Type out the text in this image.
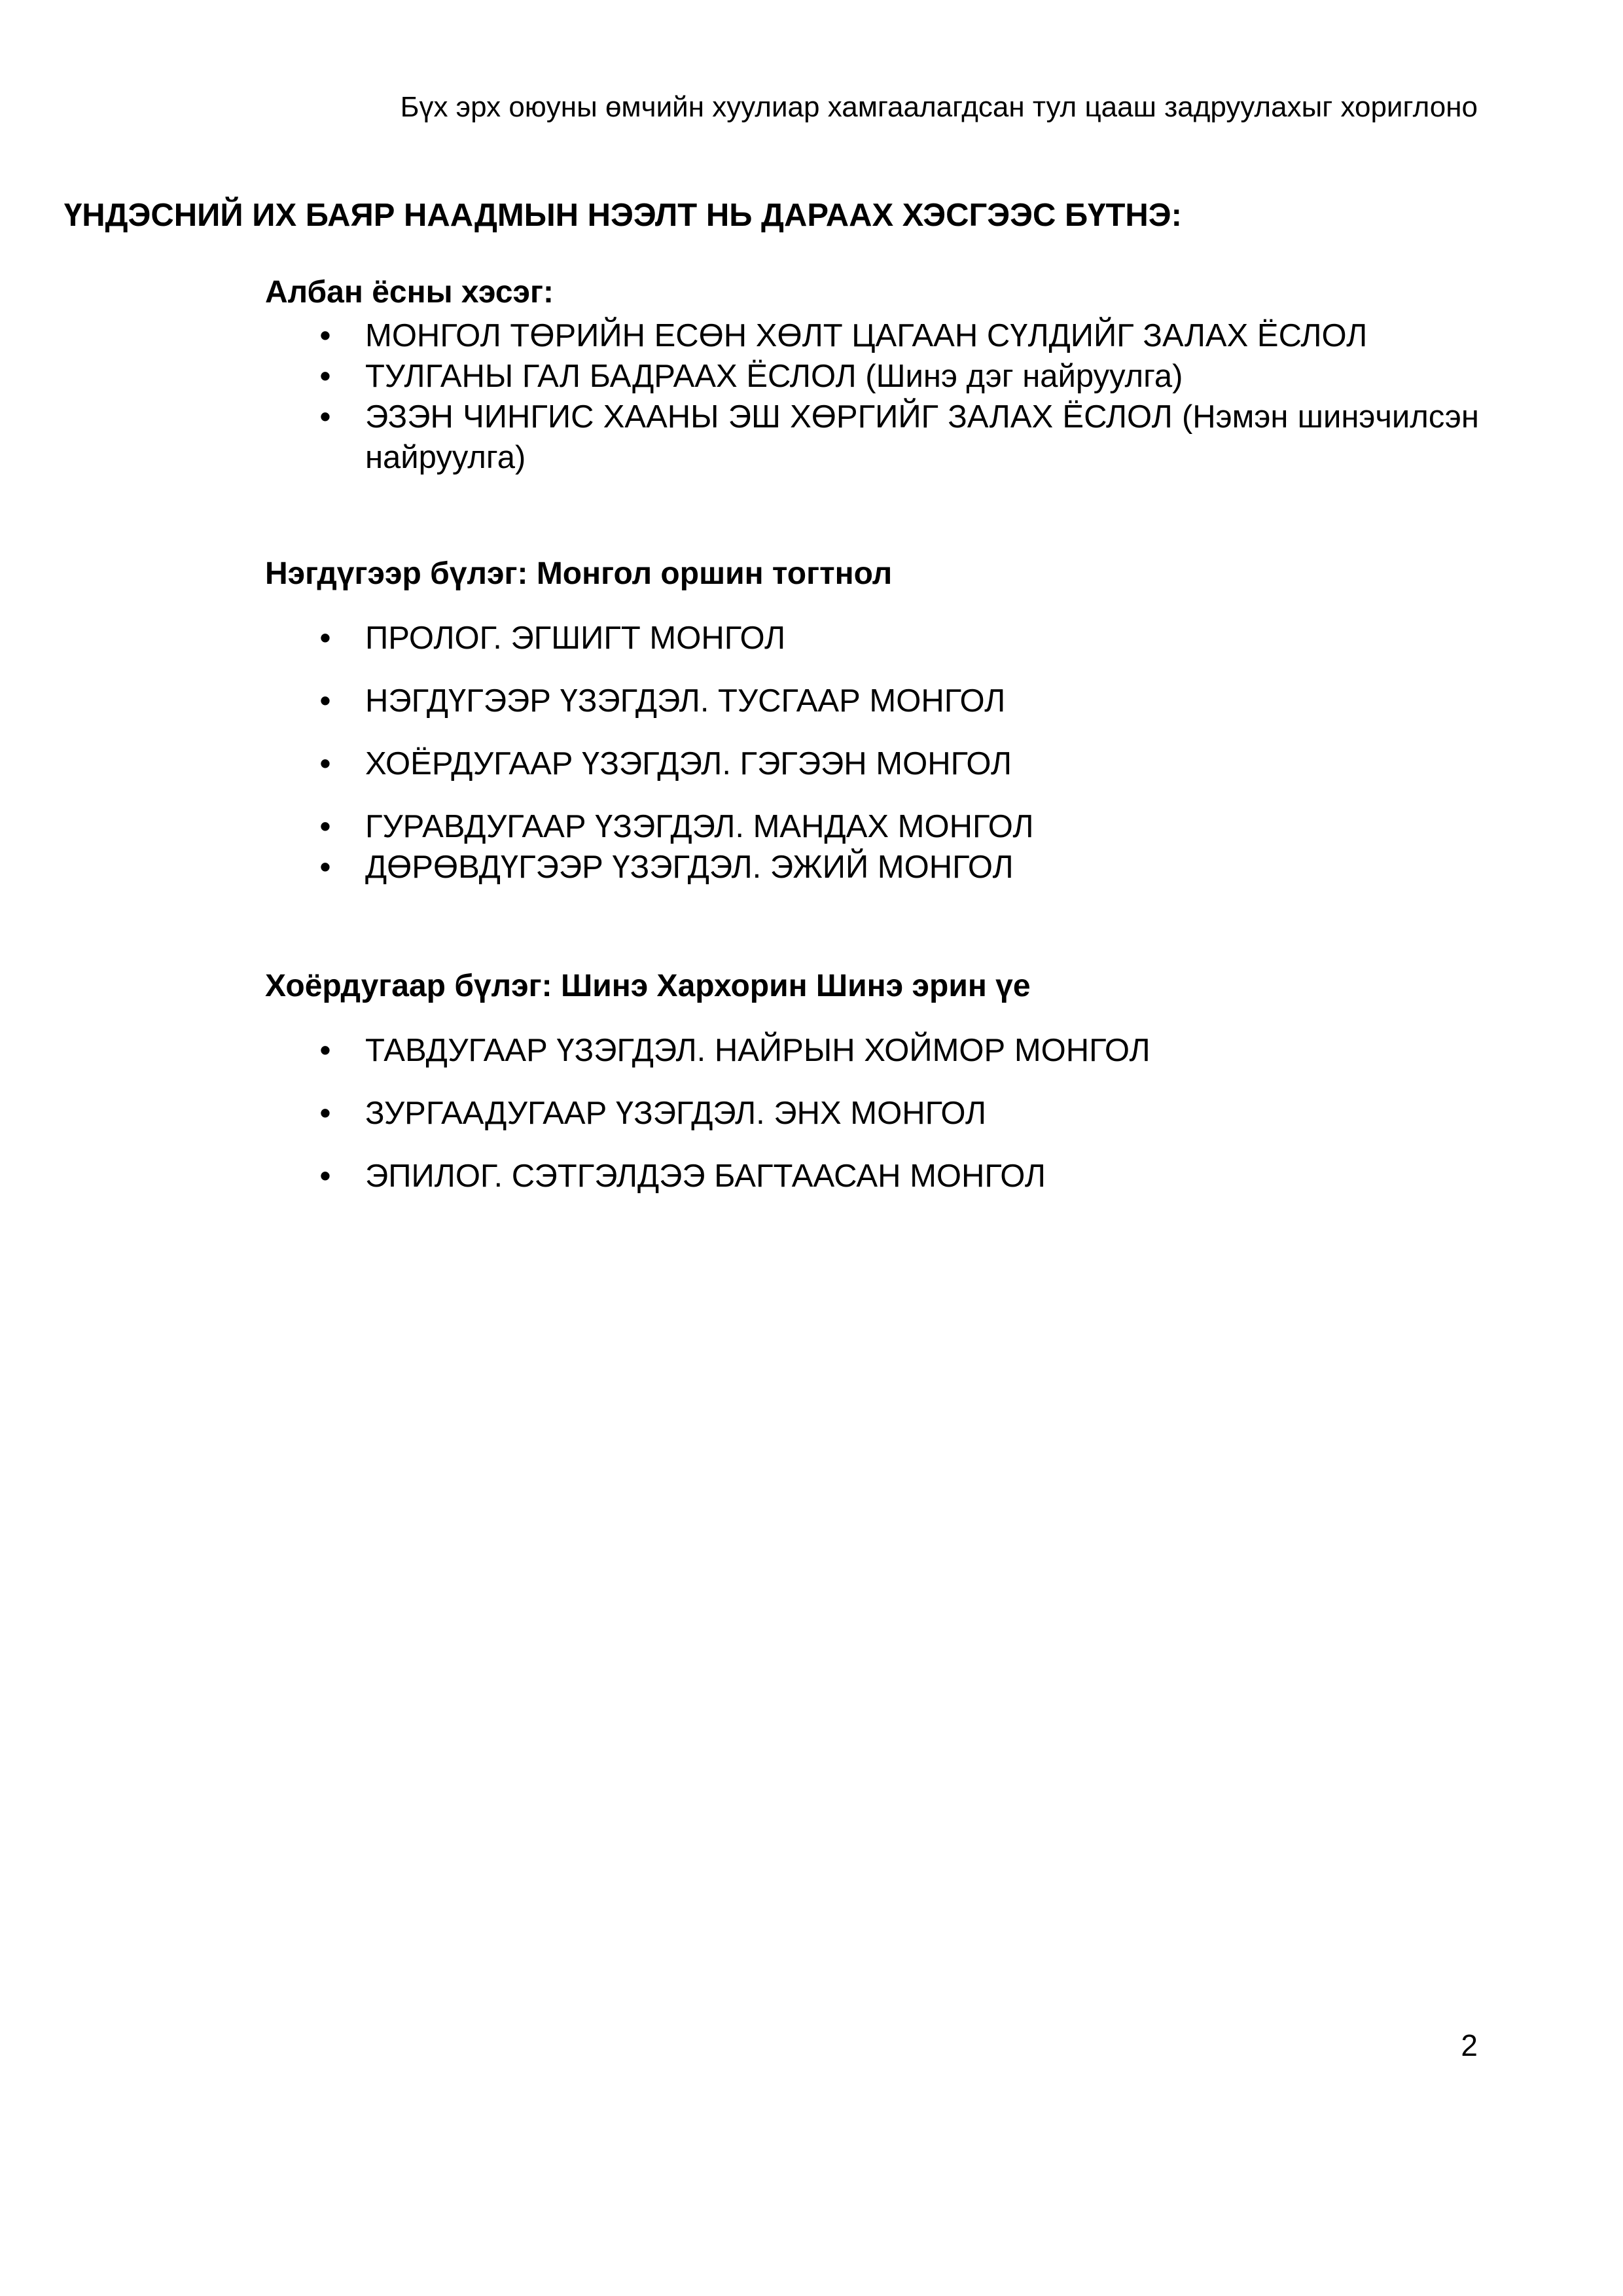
Бүх эрх оюуны өмчийн хуулиар хамгаалагдсан тул цааш задруулахыг хориглоно
ҮНДЭСНИЙ ИХ БАЯР НААДМЫН НЭЭЛТ НЬ ДАРААХ ХЭСГЭЭС БҮТНЭ:
Албан ёсны хэсэг:
• МОНГОЛ ТӨРИЙН ЕСӨН ХӨЛТ ЦАГААН СҮЛДИЙГ ЗАЛАХ ЁСЛОЛ
• ТУЛГАНЫ ГАЛ БАДРААХ ЁСЛОЛ (Шинэ дэг найруулга)
• ЭЗЭН ЧИНГИС ХААНЫ ЭШ ХӨРГИЙГ ЗАЛАХ ЁСЛОЛ (Нэмэн шинэчилсэн найруулга)
Нэгдүгээр бүлэг: Монгол оршин тогтнол
• ПРОЛОГ. ЭГШИГТ МОНГОЛ
• НЭГДҮГЭЭР ҮЗЭГДЭЛ. ТУСГААР МОНГОЛ
• ХОЁРДУГААР ҮЗЭГДЭЛ. ГЭГЭЭН МОНГОЛ
• ГУРАВДУГААР ҮЗЭГДЭЛ. МАНДАХ МОНГОЛ
• ДӨРӨВДҮГЭЭР ҮЗЭГДЭЛ. ЭЖИЙ МОНГОЛ
Хоёрдугаар бүлэг: Шинэ Хархорин Шинэ эрин үе
• ТАВДУГААР ҮЗЭГДЭЛ. НАЙРЫН ХОЙМОР МОНГОЛ
• ЗУРГААДУГААР ҮЗЭГДЭЛ. ЭНХ МОНГОЛ
• ЭПИЛОГ. СЭТГЭЛДЭЭ БАГТААСАН МОНГОЛ
2
